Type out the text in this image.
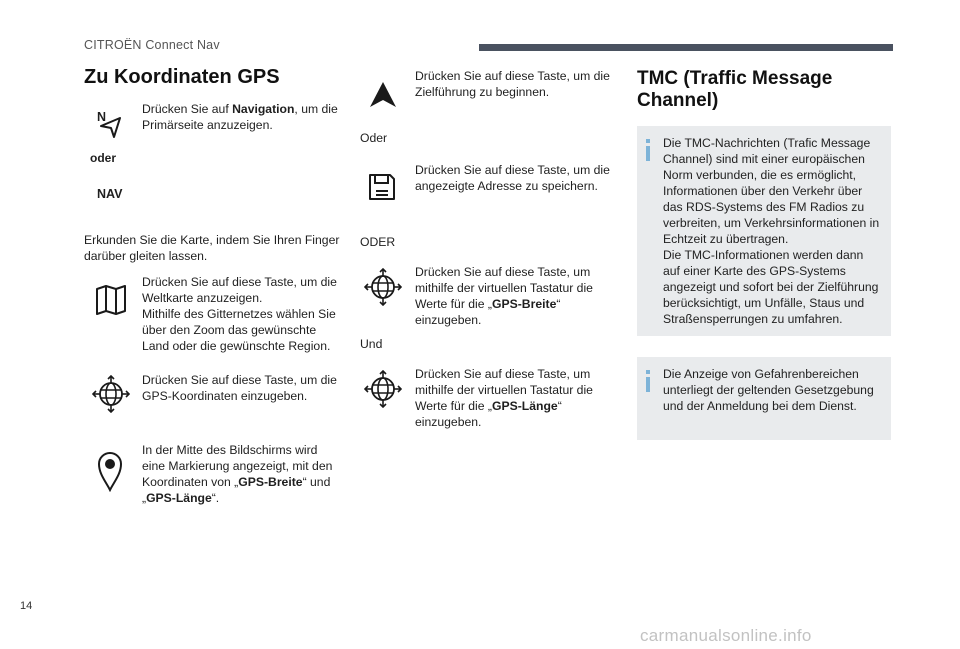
CITROËN Connect Nav
Zu Koordinaten GPS
N

Drücken Sie auf Navigation, um die Primärseite anzuzeigen.

oder
NAV

Erkunden Sie die Karte, indem Sie Ihren Finger darüber gleiten lassen.

Drücken Sie auf diese Taste, um die Weltkarte anzuzeigen.
Mithilfe des Gitternetzes wählen Sie über den Zoom das gewünschte Land oder die gewünschte Region.

Drücken Sie auf diese Taste, um die GPS-Koordinaten einzugeben.

In der Mitte des Bildschirms wird eine Markierung angezeigt, mit den Koordinaten von „GPS-Breite“ und „GPS-Länge“.

Drücken Sie auf diese Taste, um die Zielführung zu beginnen.

Oder

Drücken Sie auf diese Taste, um die angezeigte Adresse zu speichern.

ODER

Drücken Sie auf diese Taste, um mithilfe der virtuellen Tastatur die Werte für die „GPS-Breite“ einzugeben.

Und

Drücken Sie auf diese Taste, um mithilfe der virtuellen Tastatur die Werte für die „GPS-Länge“ einzugeben.

TMC (Traffic Message
Channel)
Die TMC-Nachrichten (Trafic Message Channel) sind mit einer europäischen Norm verbunden, die es ermöglicht, Informationen über den Verkehr über das RDS-Systems des FM Radios zu verbreiten, um Verkehrsinformationen in Echtzeit zu übertragen.
Die TMC-Informationen werden dann auf einer Karte des GPS-Systems angezeigt und sofort bei der Zielführung berücksichtigt, um Unfälle, Staus und Straßensperrungen zu umfahren.
Die Anzeige von Gefahrenbereichen unterliegt der geltenden Gesetzgebung und der Anmeldung bei dem Dienst.
14
carmanualsonline.info
